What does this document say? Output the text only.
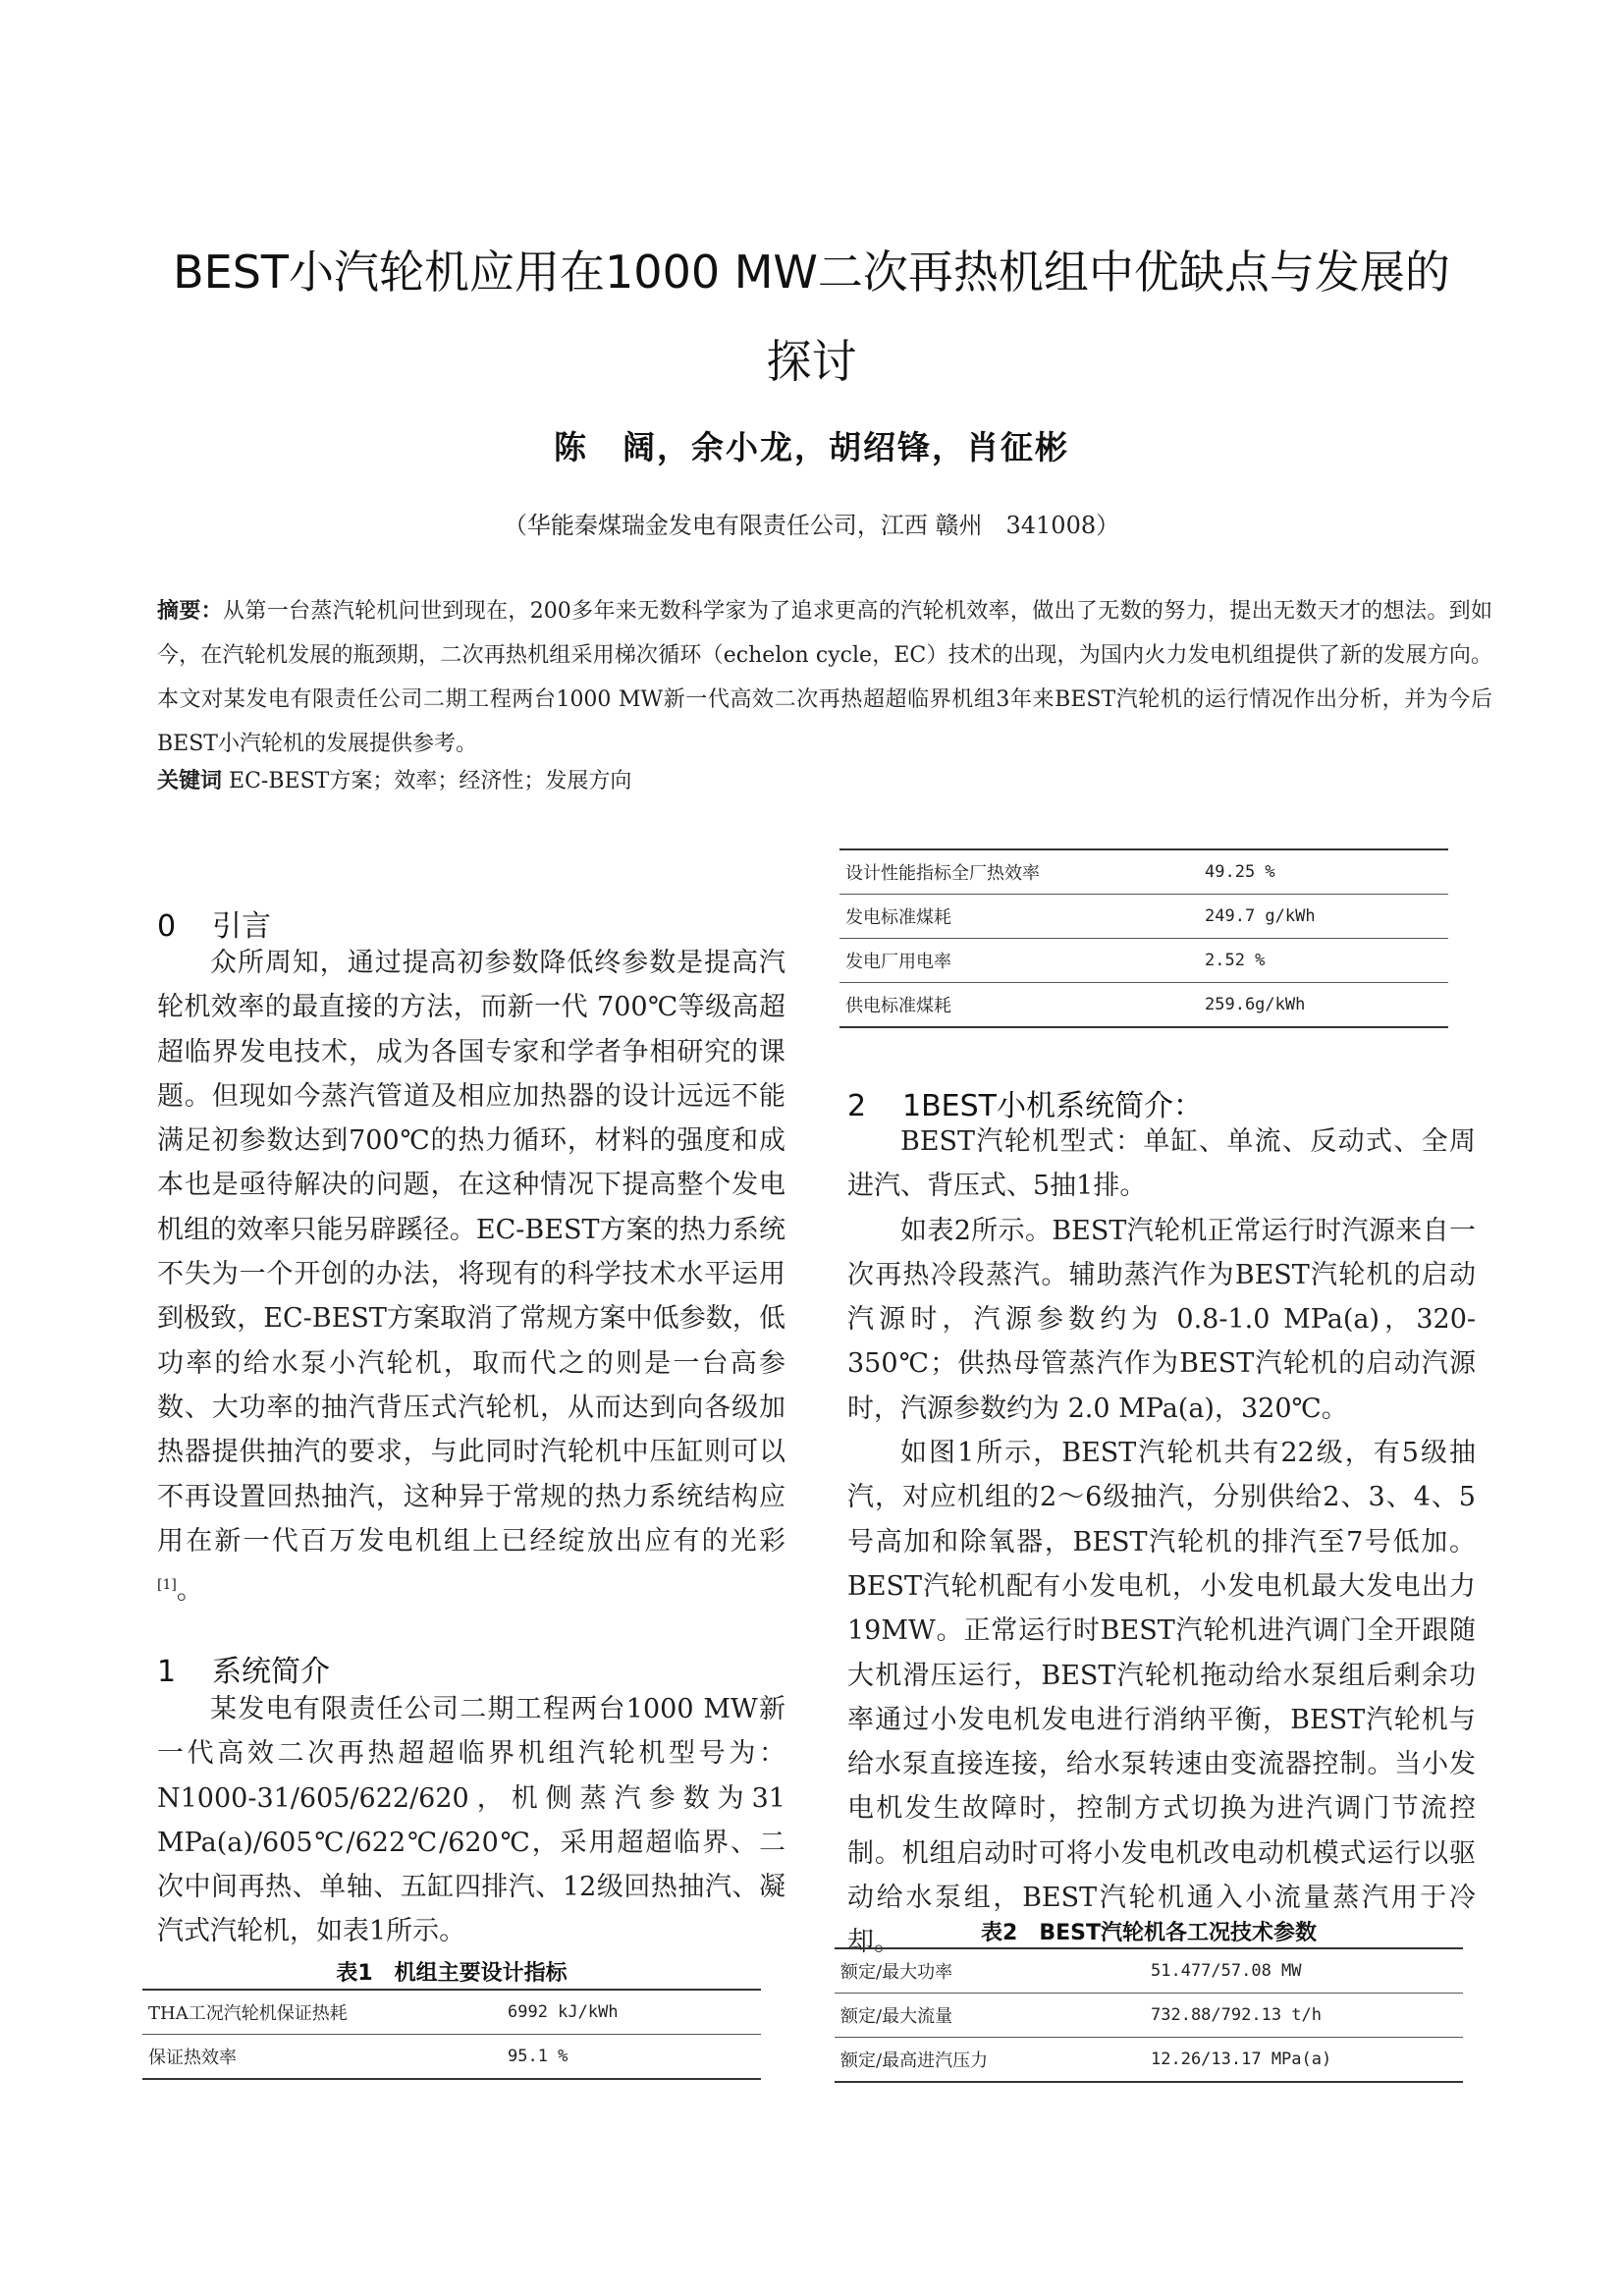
BEST小汽轮机应用在1000 MW二次再热机组中优缺点与发展的
探讨
陈　阔，余小龙，胡绍锋，肖征彬
（华能秦煤瑞金发电有限责任公司，江西 赣州　341008）
摘要：从第一台蒸汽轮机问世到现在，200多年来无数科学家为了追求更高的汽轮机效率，做出了无数的努力，提出无数天才的想法。到如今，在汽轮机发展的瓶颈期，二次再热机组采用梯次循环（echelon cycle，EC）技术的出现，为国内火力发电机组提供了新的发展方向。本文对某发电有限责任公司二期工程两台1000 MW新一代高效二次再热超超临界机组3年来BEST汽轮机的运行情况作出分析，并为今后BEST小汽轮机的发展提供参考。
关键词 EC-BEST方案；效率；经济性；发展方向
0 引言

众所周知，通过提高初参数降低终参数是提高汽轮机效率的最直接的方法，而新一代 700℃等级高超超临界发电技术，成为各国专家和学者争相研究的课题。但现如今蒸汽管道及相应加热器的设计远远不能满足初参数达到700℃的热力循环，材料的强度和成本也是亟待解决的问题，在这种情况下提高整个发电机组的效率只能另辟蹊径。EC-BEST方案的热力系统不失为一个开创的办法，将现有的科学技术水平运用到极致，EC-BEST方案取消了常规方案中低参数，低功率的给水泵小汽轮机，取而代之的则是一台高参数、大功率的抽汽背压式汽轮机，从而达到向各级加热器提供抽汽的要求，与此同时汽轮机中压缸则可以不再设置回热抽汽，这种异于常规的热力系统结构应用在新一代百万发电机组上已经绽放出应有的光彩[1]。

1 系统简介

某发电有限责任公司二期工程两台1000 MW新一代高效二次再热超超临界机组汽轮机型号为：N1000-31/605/622/620，机侧蒸汽参数为31 MPa(a)/605℃/622℃/620℃，采用超超临界、二次中间再热、单轴、五缸四排汽、12级回热抽汽、凝汽式汽轮机，如表1所示。

表1　机组主要设计指标
THA工况汽轮机保证热耗	6992 kJ/kWh
保证热效率	95.1 %
设计性能指标全厂热效率	49.25 %
发电标准煤耗	249.7 g/kWh
发电厂用电率	2.52 %
供电标准煤耗	259.6g/kWh
2 1BEST小机系统简介：

BEST汽轮机型式：单缸、单流、反动式、全周进汽、背压式、5抽1排。

如表2所示。BEST汽轮机正常运行时汽源来自一次再热冷段蒸汽。辅助蒸汽作为BEST汽轮机的启动汽源时，汽源参数约为 0.8-1.0 MPa(a)，320-350℃；供热母管蒸汽作为BEST汽轮机的启动汽源时，汽源参数约为 2.0 MPa(a)，320℃。

如图1所示，BEST汽轮机共有22级，有5级抽汽，对应机组的2～6级抽汽，分别供给2、3、4、5号高加和除氧器，BEST汽轮机的排汽至7号低加。BEST汽轮机配有小发电机，小发电机最大发电出力19MW。正常运行时BEST汽轮机进汽调门全开跟随大机滑压运行，BEST汽轮机拖动给水泵组后剩余功率通过小发电机发电进行消纳平衡，BEST汽轮机与给水泵直接连接，给水泵转速由变流器控制。当小发电机发生故障时，控制方式切换为进汽调门节流控制。机组启动时可将小发电机改电动机模式运行以驱动给水泵组，BEST汽轮机通入小流量蒸汽用于冷却。	表2　BEST汽轮机各工况技术参数
额定/最大功率	51.477/57.08 MW
额定/最大流量	732.88/792.13 t/h
额定/最高进汽压力	12.26/13.17 MPa(a)
